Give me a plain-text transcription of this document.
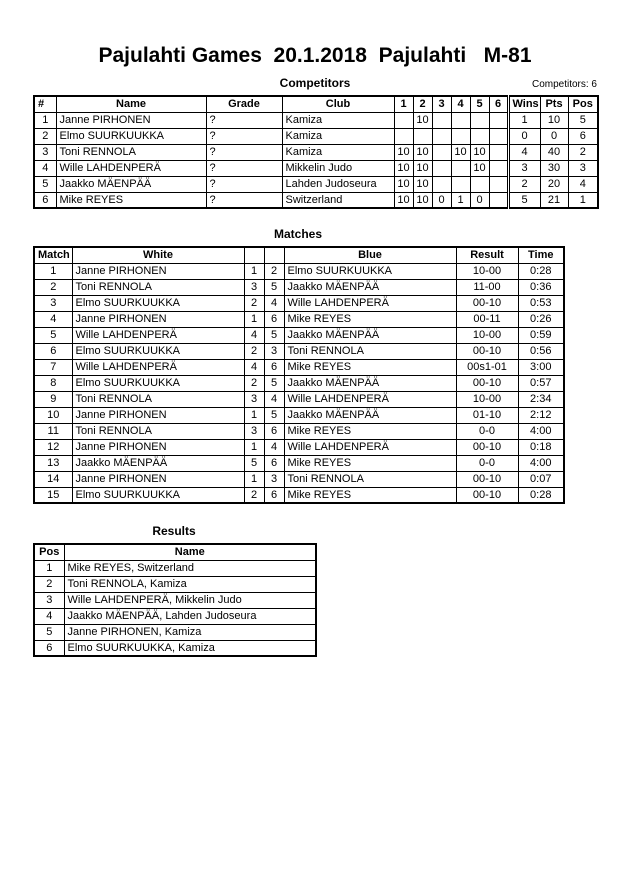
Pajulahti Games  20.1.2018  Pajulahti   M-81
Competitors	Competitors: 6
#	Name	Grade	Club	1	2	3	4	5	6	Wins	Pts	Pos
1	Janne PIRHONEN	?	Kamiza		10					1	10	5
2	Elmo SUURKUUKKA	?	Kamiza							0	0	6
3	Toni RENNOLA	?	Kamiza	10	10		10	10		4	40	2
4	Wille LAHDENPERÄ	?	Mikkelin Judo	10	10			10		3	30	3
5	Jaakko MÄENPÄÄ	?	Lahden Judoseura	10	10					2	20	4
6	Mike REYES	?	Switzerland	10	10	0	1	0		5	21	1
Matches
Match	White			Blue	Result	Time
1	Janne PIRHONEN	1	2	Elmo SUURKUUKKA	10-00	0:28
2	Toni RENNOLA	3	5	Jaakko MÄENPÄÄ	11-00	0:36
3	Elmo SUURKUUKKA	2	4	Wille LAHDENPERÄ	00-10	0:53
4	Janne PIRHONEN	1	6	Mike REYES	00-11	0:26
5	Wille LAHDENPERÄ	4	5	Jaakko MÄENPÄÄ	10-00	0:59
6	Elmo SUURKUUKKA	2	3	Toni RENNOLA	00-10	0:56
7	Wille LAHDENPERÄ	4	6	Mike REYES	00s1-01	3:00
8	Elmo SUURKUUKKA	2	5	Jaakko MÄENPÄÄ	00-10	0:57
9	Toni RENNOLA	3	4	Wille LAHDENPERÄ	10-00	2:34
10	Janne PIRHONEN	1	5	Jaakko MÄENPÄÄ	01-10	2:12
11	Toni RENNOLA	3	6	Mike REYES	0-0	4:00
12	Janne PIRHONEN	1	4	Wille LAHDENPERÄ	00-10	0:18
13	Jaakko MÄENPÄÄ	5	6	Mike REYES	0-0	4:00
14	Janne PIRHONEN	1	3	Toni RENNOLA	00-10	0:07
15	Elmo SUURKUUKKA	2	6	Mike REYES	00-10	0:28
Results
Pos	Name
1	Mike REYES, Switzerland
2	Toni RENNOLA, Kamiza
3	Wille LAHDENPERÄ, Mikkelin Judo
4	Jaakko MÄENPÄÄ, Lahden Judoseura
5	Janne PIRHONEN, Kamiza
6	Elmo SUURKUUKKA, Kamiza
